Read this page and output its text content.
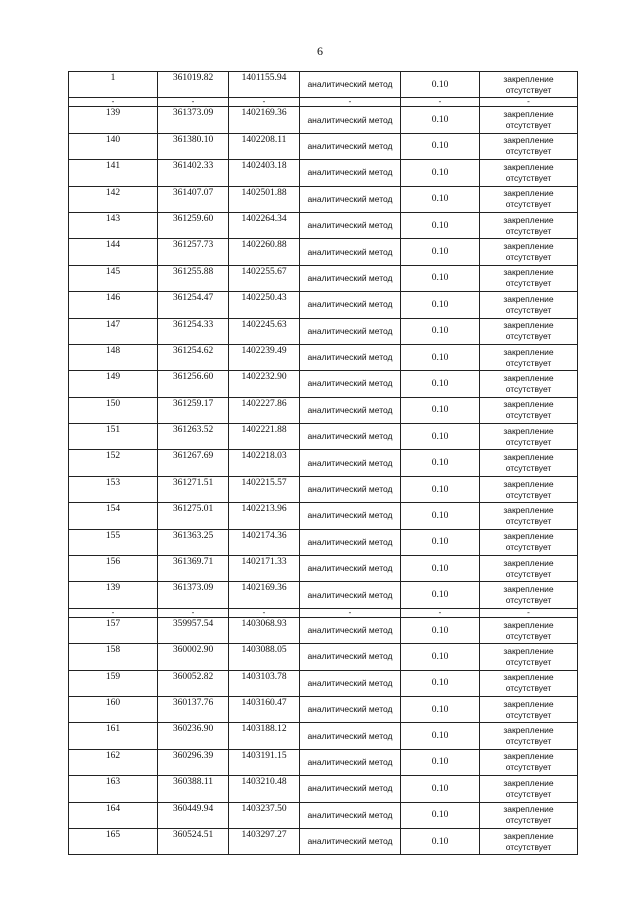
6
1	361019.82	1401155.94	аналитический метод	0.10	закрепление отсутствует
-	-	-	-	-	-
139	361373.09	1402169.36	аналитический метод	0.10	закрепление отсутствует
140	361380.10	1402208.11	аналитический метод	0.10	закрепление отсутствует
141	361402.33	1402403.18	аналитический метод	0.10	закрепление отсутствует
142	361407.07	1402501.88	аналитический метод	0.10	закрепление отсутствует
143	361259.60	1402264.34	аналитический метод	0.10	закрепление отсутствует
144	361257.73	1402260.88	аналитический метод	0.10	закрепление отсутствует
145	361255.88	1402255.67	аналитический метод	0.10	закрепление отсутствует
146	361254.47	1402250.43	аналитический метод	0.10	закрепление отсутствует
147	361254.33	1402245.63	аналитический метод	0.10	закрепление отсутствует
148	361254.62	1402239.49	аналитический метод	0.10	закрепление отсутствует
149	361256.60	1402232.90	аналитический метод	0.10	закрепление отсутствует
150	361259.17	1402227.86	аналитический метод	0.10	закрепление отсутствует
151	361263.52	1402221.88	аналитический метод	0.10	закрепление отсутствует
152	361267.69	1402218.03	аналитический метод	0.10	закрепление отсутствует
153	361271.51	1402215.57	аналитический метод	0.10	закрепление отсутствует
154	361275.01	1402213.96	аналитический метод	0.10	закрепление отсутствует
155	361363.25	1402174.36	аналитический метод	0.10	закрепление отсутствует
156	361369.71	1402171.33	аналитический метод	0.10	закрепление отсутствует
139	361373.09	1402169.36	аналитический метод	0.10	закрепление отсутствует
-	-	-	-	-	-
157	359957.54	1403068.93	аналитический метод	0.10	закрепление отсутствует
158	360002.90	1403088.05	аналитический метод	0.10	закрепление отсутствует
159	360052.82	1403103.78	аналитический метод	0.10	закрепление отсутствует
160	360137.76	1403160.47	аналитический метод	0.10	закрепление отсутствует
161	360236.90	1403188.12	аналитический метод	0.10	закрепление отсутствует
162	360296.39	1403191.15	аналитический метод	0.10	закрепление отсутствует
163	360388.11	1403210.48	аналитический метод	0.10	закрепление отсутствует
164	360449.94	1403237.50	аналитический метод	0.10	закрепление отсутствует
165	360524.51	1403297.27	аналитический метод	0.10	закрепление отсутствует
